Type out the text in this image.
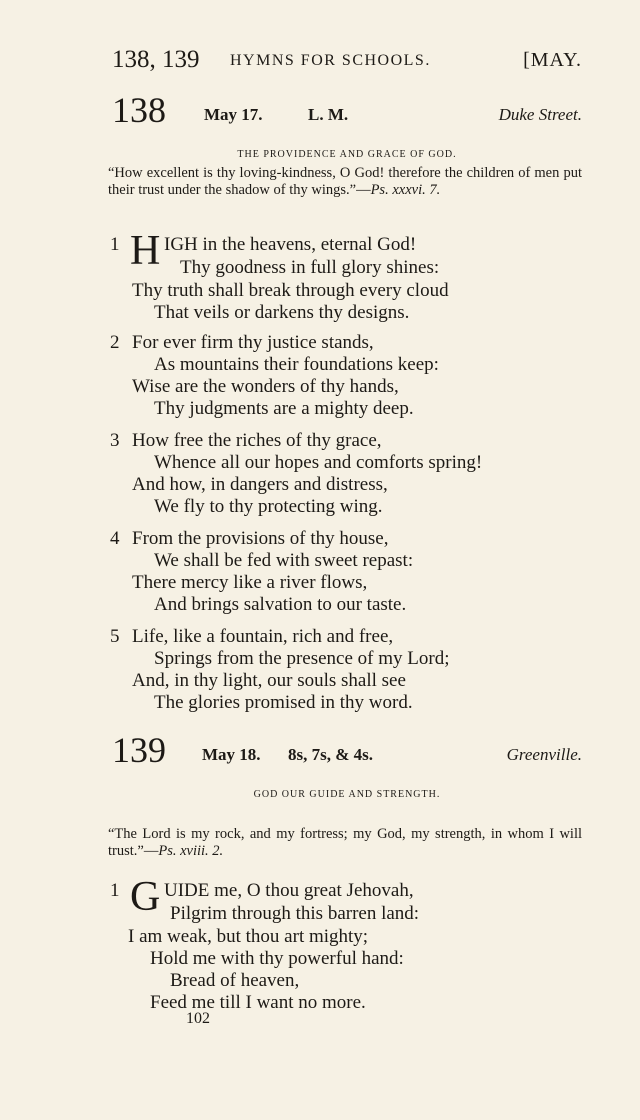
138, 139 HYMNS FOR SCHOOLS.	[MAY.
138 May 17.	L. M.	Duke Street.
THE PROVIDENCE AND GRACE OF GOD.
“How excellent is thy loving-kindness, O God! therefore the children of men put their trust under the shadow of thy wings.”—Ps. xxxvi. 7.
1 H IGH in the heavens, eternal God!
Thy goodness in full glory shines:
Thy truth shall break through every cloud
That veils or darkens thy designs.
2 For ever firm thy justice stands,
As mountains their foundations keep:
Wise are the wonders of thy hands,
Thy judgments are a mighty deep.
3 How free the riches of thy grace,
Whence all our hopes and comforts spring!
And how, in dangers and distress,
We fly to thy protecting wing.
4 From the provisions of thy house,
We shall be fed with sweet repast:
There mercy like a river flows,
And brings salvation to our taste.
5 Life, like a fountain, rich and free,
Springs from the presence of my Lord;
And, in thy light, our souls shall see
The glories promised in thy word.
139 May 18. 8s, 7s, & 4s.	Greenville.
GOD OUR GUIDE AND STRENGTH.
“The Lord is my rock, and my fortress; my God, my strength, in whom I will trust.”—Ps. xviii. 2.
1 G UIDE me, O thou great Jehovah,
Pilgrim through this barren land:
I am weak, but thou art mighty;
Hold me with thy powerful hand:
Bread of heaven,
Feed me till I want no more.
102
